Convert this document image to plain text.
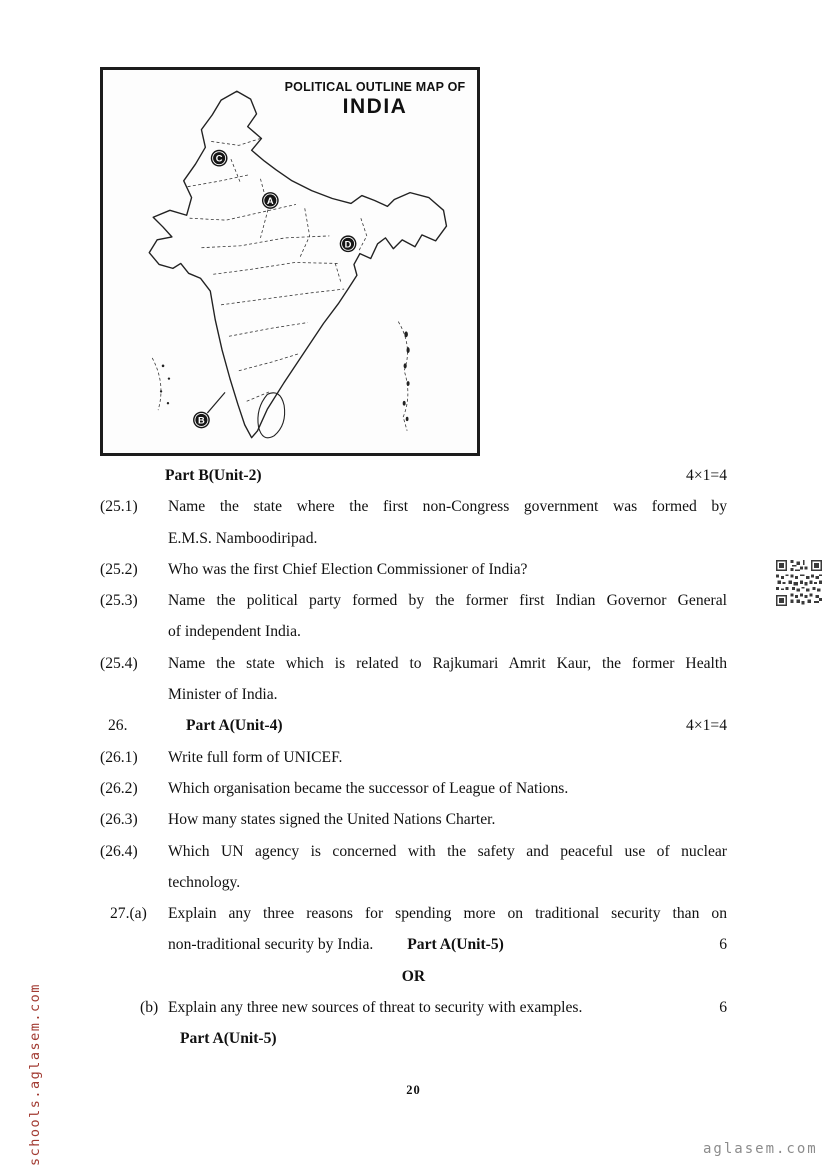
POLITICAL OUTLINE MAP OF
INDIA
C
A
D
B
Part B(Unit-2)	4×1=4
(25.1)	Name the state where the first non-Congress government was formed by
E.M.S. Namboodiripad.
(25.2)	Who was the first Chief Election Commissioner of India?
(25.3)	Name the political party formed by the former first Indian Governor General
of independent India.
(25.4)	Name the state which is related to Rajkumari Amrit Kaur, the former Health
Minister of India.
26.	Part A(Unit-4)	4×1=4
(26.1)	Write full form of UNICEF.
(26.2)	Which organisation became the successor of League of Nations.
(26.3)	How many states signed the United Nations Charter.
(26.4)	Which UN agency is concerned with the safety and peaceful use of nuclear
technology.
27.(a)	Explain any three reasons for spending more on traditional security than on
non-traditional security by India. Part A(Unit-5)	6
OR
(b) Explain any three new sources of threat to security with examples.	6
Part A(Unit-5)
20
schools.aglasem.com	aglasem.com
